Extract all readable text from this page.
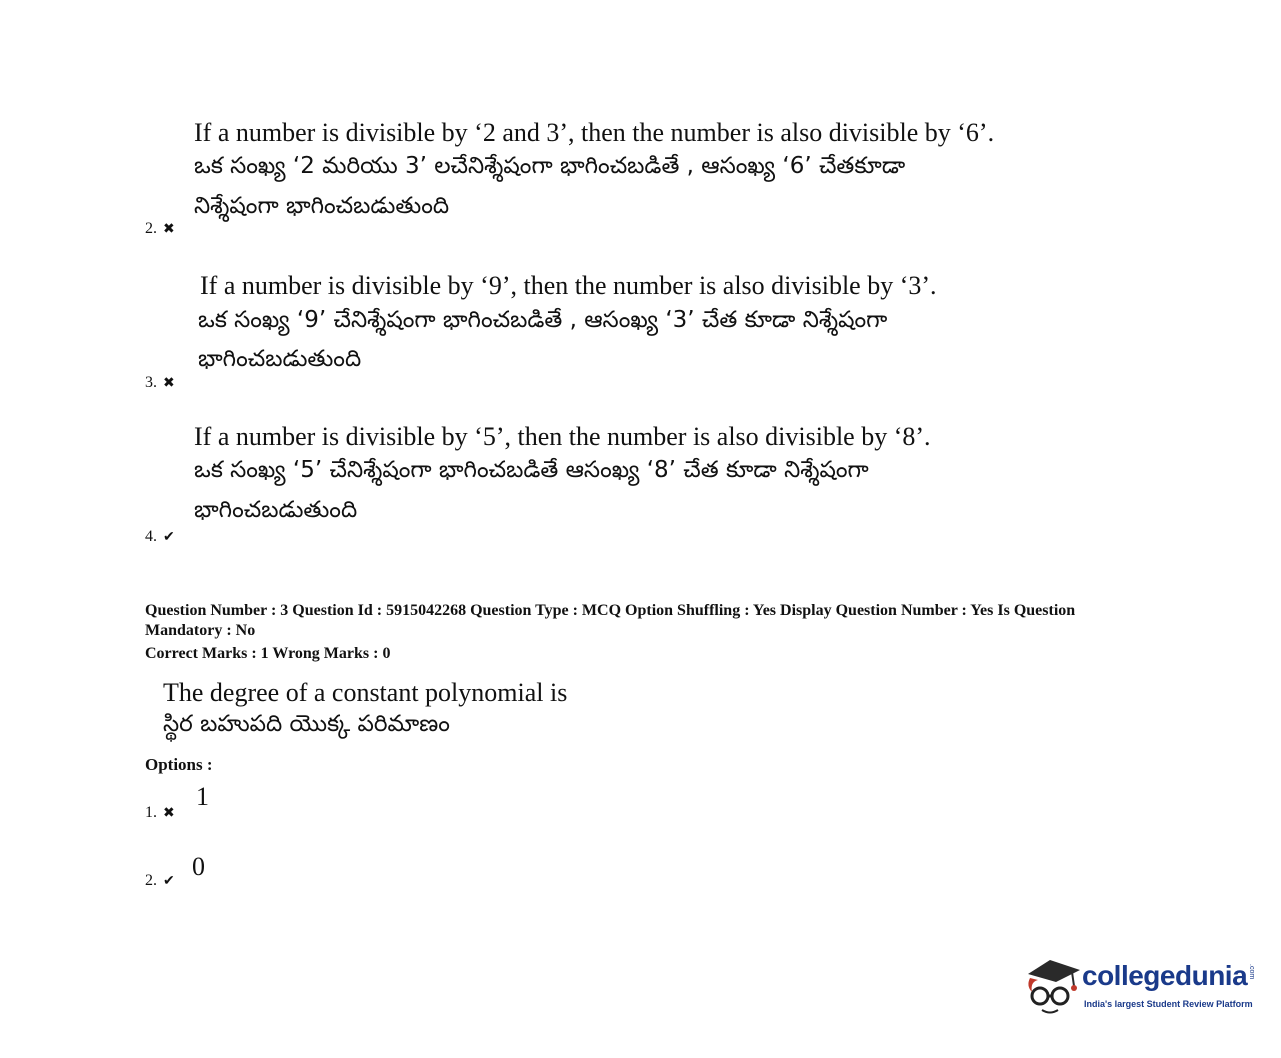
If a number is divisible by ‘2 and 3’, then the number is also divisible by ‘6’.
ఒక సంఖ్య ‘2 మరియు 3’ లచేనిశ్శేషంగా భాగించబడితే , ఆసంఖ్య ‘6’ చేతకూడా
నిశ్శేషంగా భాగించబడుతుంది
2. ✖
If a number is divisible by ‘9’, then the number is also divisible by ‘3’.
ఒక సంఖ్య ‘9’ చేనిశ్శేషంగా భాగించబడితే , ఆసంఖ్య ‘3’ చేత కూడా నిశ్శేషంగా
భాగించబడుతుంది
3. ✖
If a number is divisible by ‘5’, then the number is also divisible by ‘8’.
ఒక సంఖ్య ‘5’ చేనిశ్శేషంగా భాగించబడితే ఆసంఖ్య ‘8’ చేత కూడా నిశ్శేషంగా
భాగించబడుతుంది
4. ✔
Question Number : 3 Question Id : 5915042268 Question Type : MCQ Option Shuffling : Yes Display Question Number : Yes Is Question
Mandatory : No
Correct Marks : 1 Wrong Marks : 0
The degree of a constant polynomial is
స్థిర బహుపది యొక్క పరిమాణం
Options :
1
1. ✖
0
2. ✔
collegedunia .com
India's largest Student Review Platform
